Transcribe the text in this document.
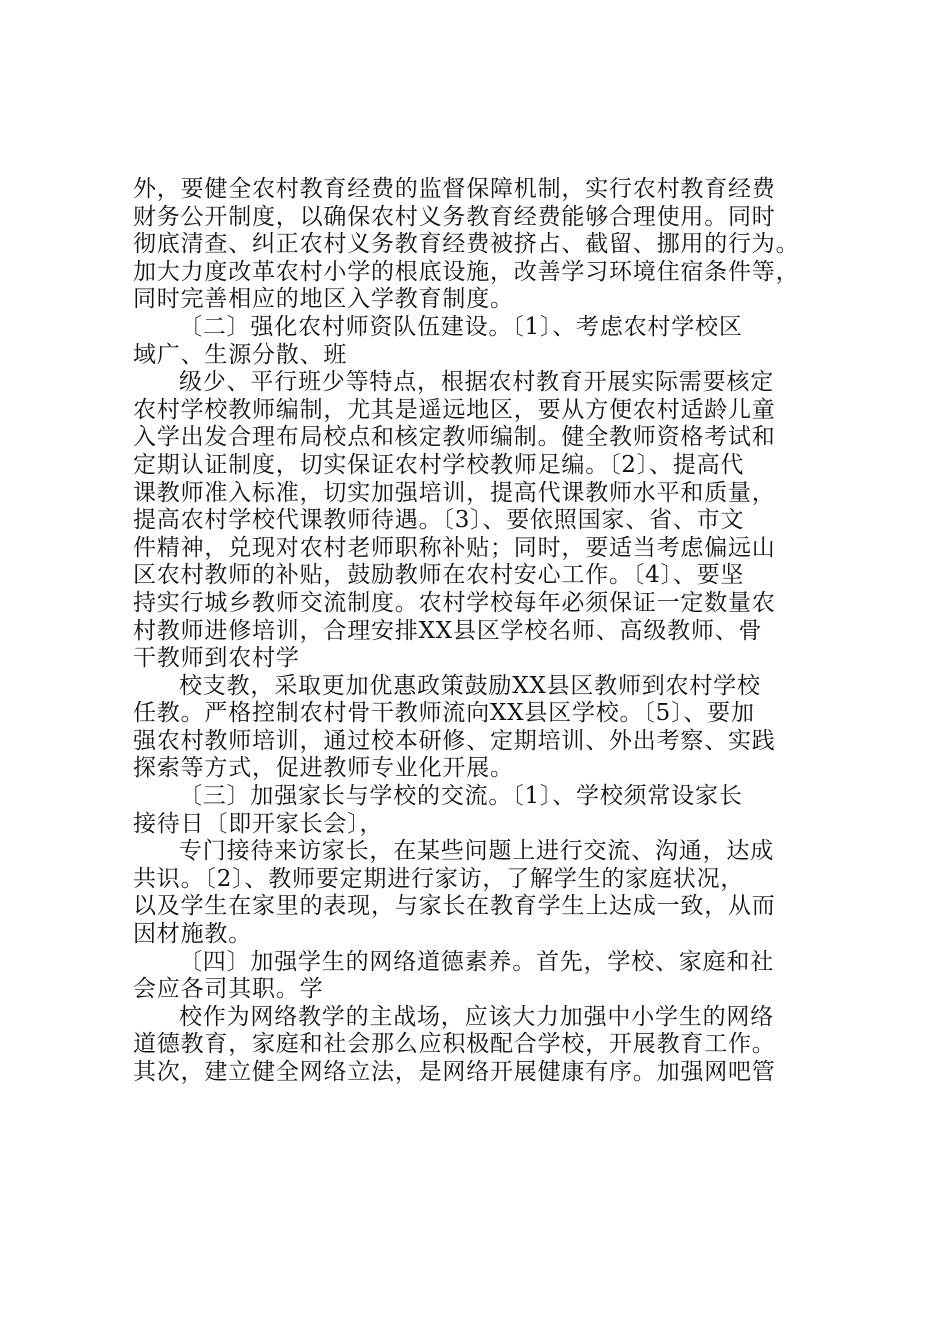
外，要健全农村教育经费的监督保障机制，实行农村教育经费
财务公开制度，以确保农村义务教育经费能够合理使用。同时
彻底清查、纠正农村义务教育经费被挤占、截留、挪用的行为。
加大力度改革农村小学的根底设施，改善学习环境住宿条件等，
同时完善相应的地区入学教育制度。

〔二〕强化农村师资队伍建设。〔1〕、考虑农村学校区
域广、生源分散、班

级少、平行班少等特点，根据农村教育开展实际需要核定
农村学校教师编制，尤其是遥远地区，要从方便农村适龄儿童
入学出发合理布局校点和核定教师编制。健全教师资格考试和
定期认证制度，切实保证农村学校教师足编。〔2〕、提高代
课教师准入标准，切实加强培训，提高代课教师水平和质量，
提高农村学校代课教师待遇。〔3〕、要依照国家、省、市文
件精神，兑现对农村老师职称补贴；同时，要适当考虑偏远山
区农村教师的补贴，鼓励教师在农村安心工作。〔4〕、要坚
持实行城乡教师交流制度。农村学校每年必须保证一定数量农
村教师进修培训，合理安排XX县区学校名师、高级教师、骨
干教师到农村学

校支教，采取更加优惠政策鼓励XX县区教师到农村学校
任教。严格控制农村骨干教师流向XX县区学校。〔5〕、要加
强农村教师培训，通过校本研修、定期培训、外出考察、实践
探索等方式，促进教师专业化开展。

〔三〕加强家长与学校的交流。〔1〕、学校须常设家长
接待日〔即开家长会〕，

专门接待来访家长，在某些问题上进行交流、沟通，达成
共识。〔2〕、教师要定期进行家访，了解学生的家庭状况，
以及学生在家里的表现，与家长在教育学生上达成一致，从而
因材施教。

〔四〕加强学生的网络道德素养。首先，学校、家庭和社
会应各司其职。学

校作为网络教学的主战场，应该大力加强中小学生的网络
道德教育，家庭和社会那么应积极配合学校，开展教育工作。
其次，建立健全网络立法，是网络开展健康有序。加强网吧管
